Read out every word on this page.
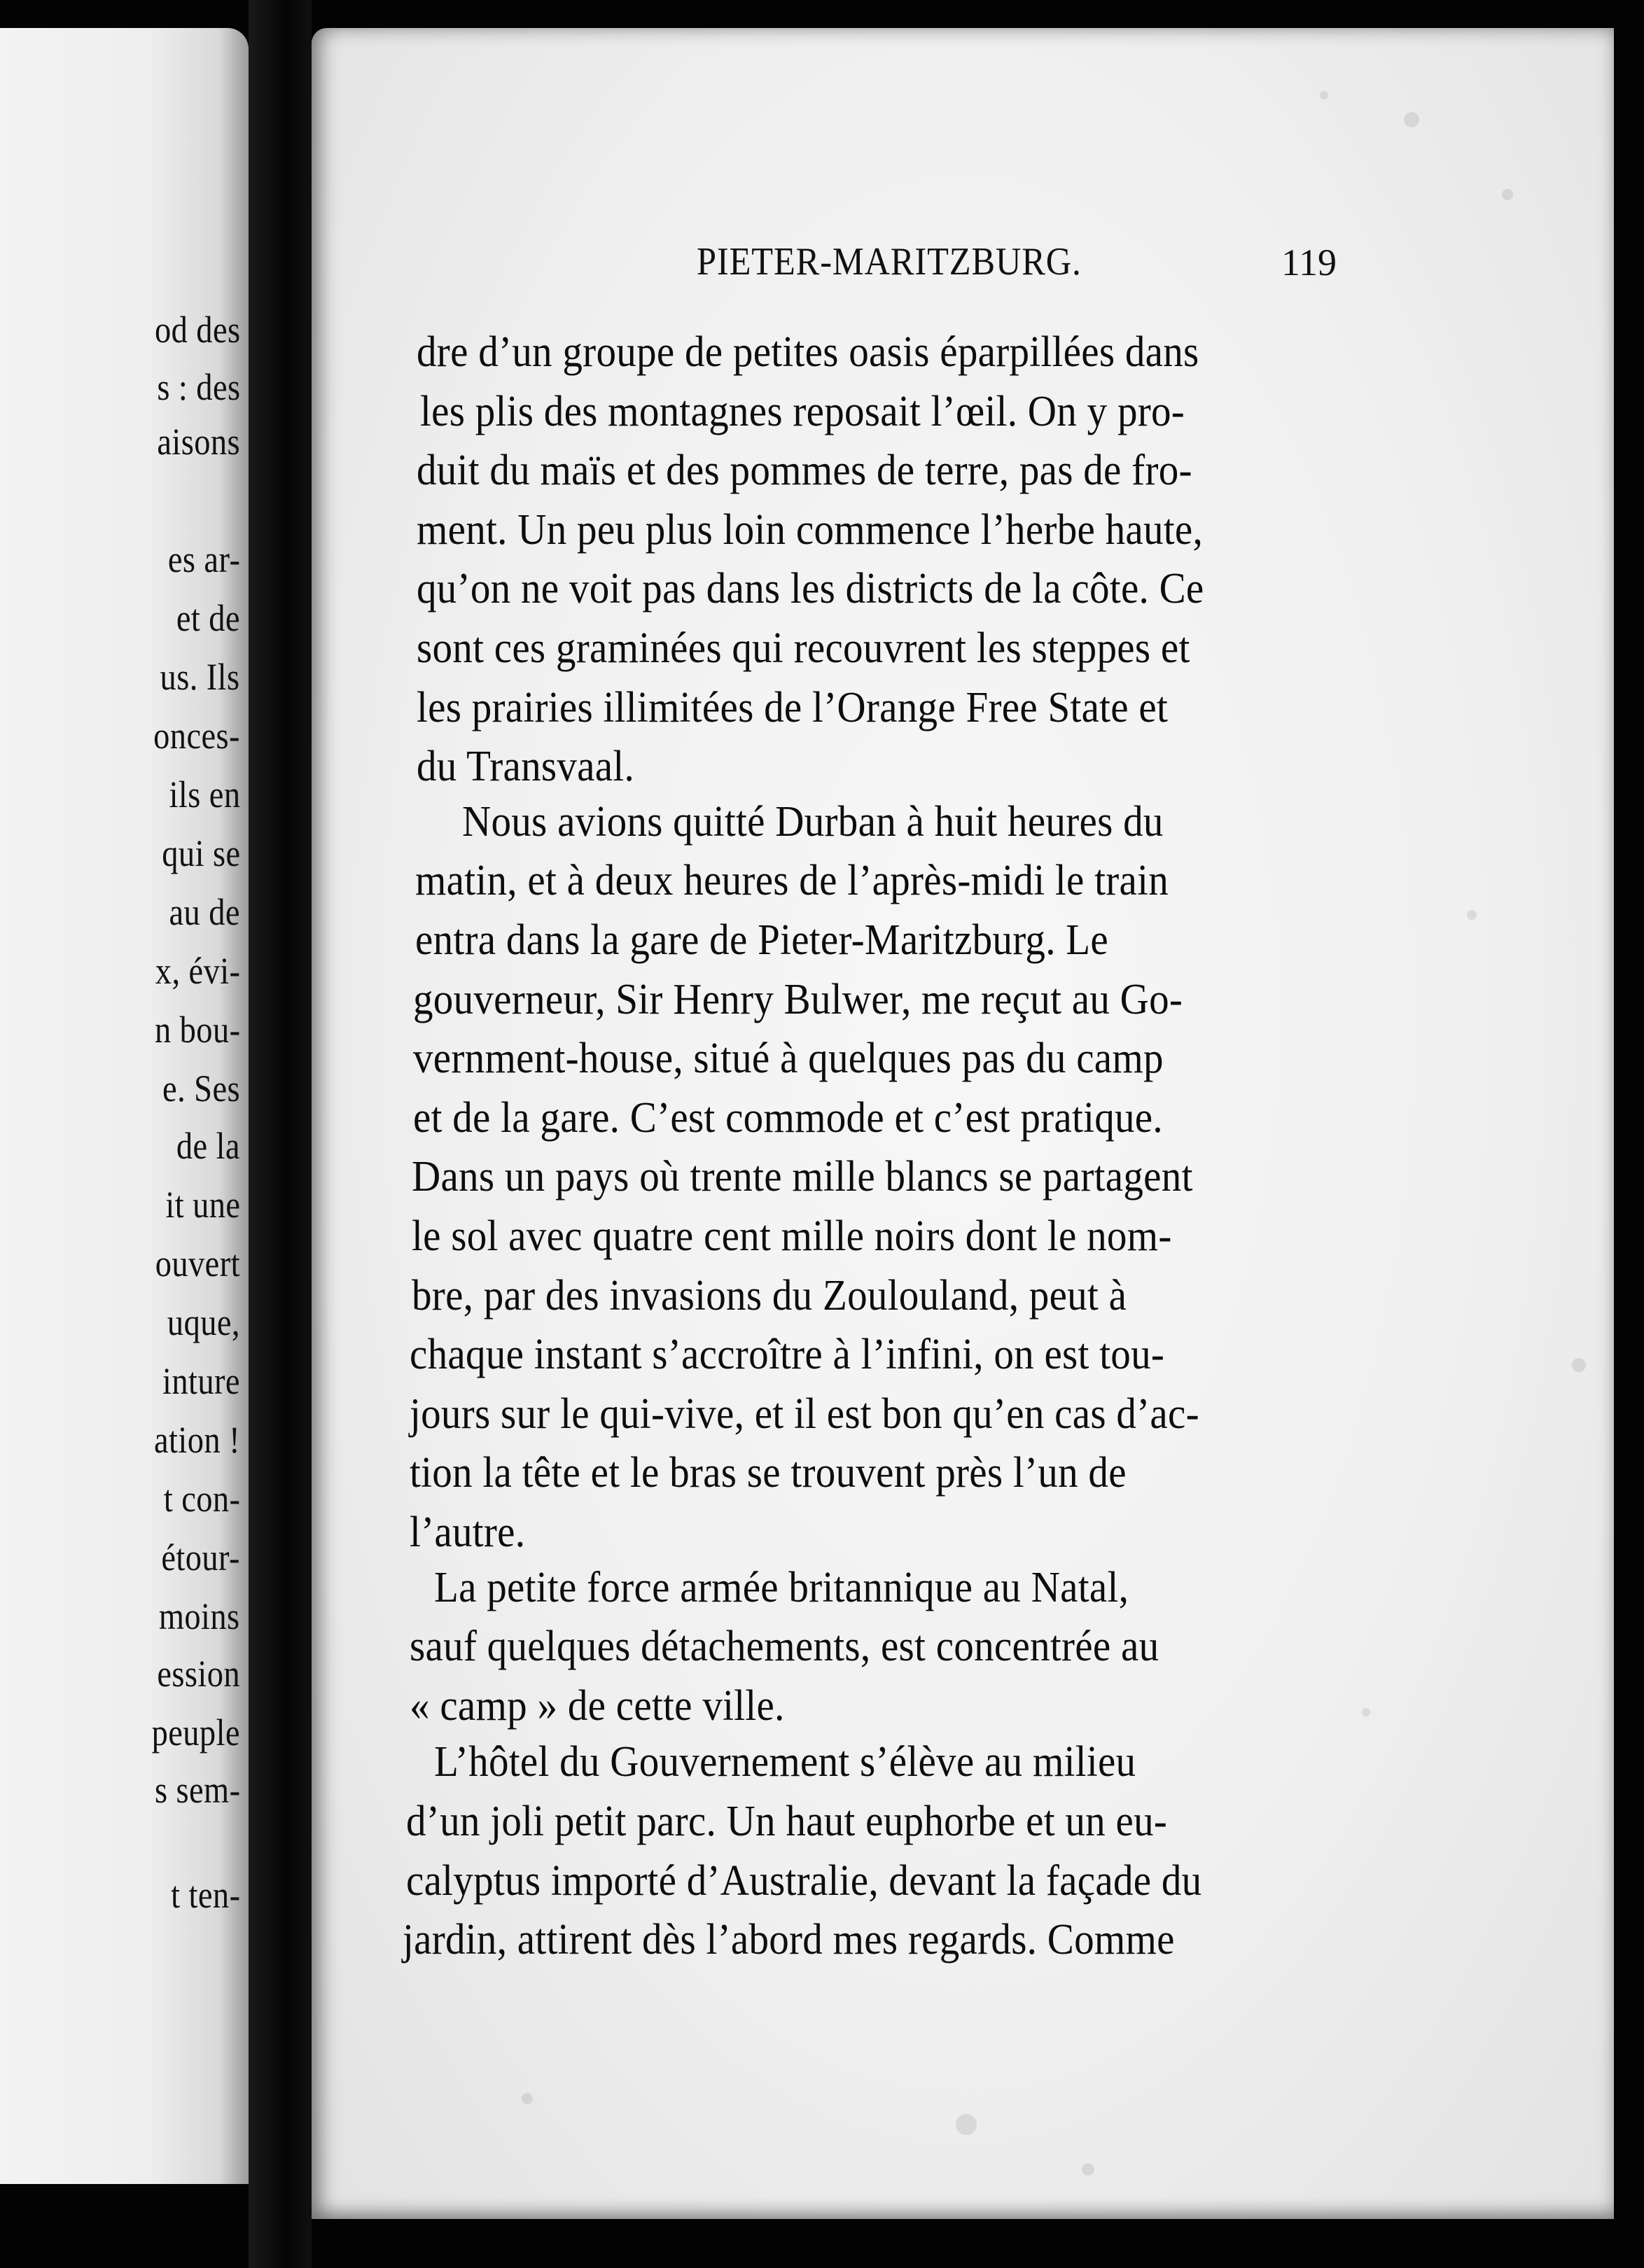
od des
s : des
aisons
es ar-
et de
us. Ils
onces-
ils en
qui se
au de
x, évi-
n bou-
e. Ses
de la
it une
ouvert
uque,
inture
ation !
t con-
étour-
moins
ession
peuple
s sem-
t ten-
PIETER-MARITZBURG.	119
dre d’un groupe de petites oasis éparpillées dans
les plis des montagnes reposait l’œil. On y pro-
duit du maïs et des pommes de terre, pas de fro-
ment. Un peu plus loin commence l’herbe haute,
qu’on ne voit pas dans les districts de la côte. Ce
sont ces graminées qui recouvrent les steppes et
les prairies illimitées de l’Orange Free State et
du Transvaal.
Nous avions quitté Durban à huit heures du
matin, et à deux heures de l’après-midi le train
entra dans la gare de Pieter-Maritzburg. Le
gouverneur, Sir Henry Bulwer, me reçut au Go-
vernment-house, situé à quelques pas du camp
et de la gare. C’est commode et c’est pratique.
Dans un pays où trente mille blancs se partagent
le sol avec quatre cent mille noirs dont le nom-
bre, par des invasions du Zoulouland, peut à
chaque instant s’accroître à l’infini, on est tou-
jours sur le qui-vive, et il est bon qu’en cas d’ac-
tion la tête et le bras se trouvent près l’un de
l’autre.
La petite force armée britannique au Natal,
sauf quelques détachements, est concentrée au
« camp » de cette ville.
L’hôtel du Gouvernement s’élève au milieu
d’un joli petit parc. Un haut euphorbe et un eu-
calyptus importé d’Australie, devant la façade du
jardin, attirent dès l’abord mes regards. Comme
